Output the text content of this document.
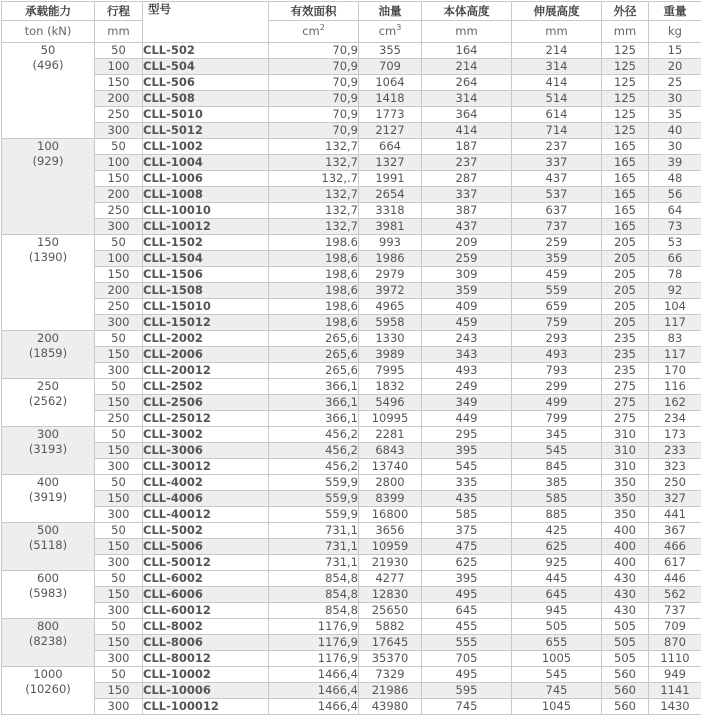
承载能力	行程	型号	有效面积	油量	本体高度	伸展高度	外径	重量
ton (kN)	mm		$cm^2$	$cm^3$	mm	mm	mm	kg

50
(496)	50	CLL-502	70,9	355	164	214	125	15
	100	CLL-504	70,9	709	214	314	125	20
	150	CLL-506	70,9	1064	264	414	125	25
	200	CLL-508	70,9	1418	314	514	125	30
	250	CLL-5010	70,9	1773	364	614	125	35
	300	CLL-5012	70,9	2127	414	714	125	40

100
(929)	50	CLL-1002	132,7	664	187	237	165	30
	100	CLL-1004	132,7	1327	237	337	165	39
	150	CLL-1006	132,.7	1991	287	437	165	48
	200	CLL-1008	132,7	2654	337	537	165	56
	250	CLL-10010	132,7	3318	387	637	165	64
	300	CLL-10012	132,7	3981	437	737	165	73

150
(1390)	50	CLL-1502	198.6	993	209	259	205	53
	100	CLL-1504	198,6	1986	259	359	205	66
	150	CLL-1506	198,6	2979	309	459	205	78
	200	CLL-1508	198,6	3972	359	559	205	92
	250	CLL-15010	198,6	4965	409	659	205	104
	300	CLL-15012	198,6	5958	459	759	205	117

200
(1859)	50	CLL-2002	265,6	1330	243	293	235	83
	150	CLL-2006	265,6	3989	343	493	235	117
	300	CLL-20012	265,6	7995	493	793	235	170

250
(2562)	50	CLL-2502	366,1	1832	249	299	275	116
	150	CLL-2506	366,1	5496	349	499	275	162
	250	CLL-25012	366,1	10995	449	799	275	234

300
(3193)	50	CLL-3002	456,2	2281	295	345	310	173
	150	CLL-3006	456,2	6843	395	545	310	233
	300	CLL-30012	456,2	13740	545	845	310	323

400
(3919)	50	CLL-4002	559,9	2800	335	385	350	250
	150	CLL-4006	559,9	8399	435	585	350	327
	300	CLL-40012	559,9	16800	585	885	350	441

500
(5118)	50	CLL-5002	731,1	3656	375	425	400	367
	150	CLL-5006	731,1	10959	475	625	400	466
	300	CLL-50012	731,1	21930	625	925	400	617

600
(5983)	50	CLL-6002	854,8	4277	395	445	430	446
	150	CLL-6006	854,8	12830	495	645	430	562
	300	CLL-60012	854,8	25650	645	945	430	737

800
(8238)	50	CLL-8002	1176,9	5882	455	505	505	709
	150	CLL-8006	1176,9	17645	555	655	505	870
	300	CLL-80012	1176,9	35370	705	1005	505	1110

1000
(10260)	50	CLL-10002	1466,4	7329	495	545	560	949
	150	CLL-10006	1466,4	21986	595	745	560	1141
	300	CLL-100012	1466,4	43980	745	1045	560	1430
